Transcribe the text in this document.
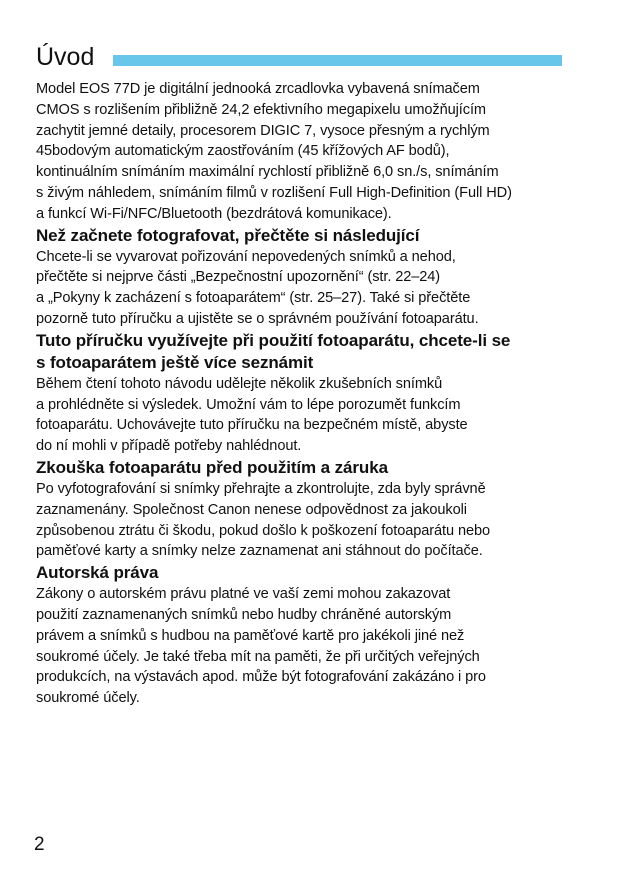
Úvod

Model EOS 77D je digitální jednooká zrcadlovka vybavená snímačem
CMOS s rozlišením přibližně 24,2 efektivního megapixelu umožňujícím
zachytit jemné detaily, procesorem DIGIC 7, vysoce přesným a rychlým
45bodovým automatickým zaostřováním (45 křížových AF bodů),
kontinuálním snímáním maximální rychlostí přibližně 6,0 sn./s, snímáním
s živým náhledem, snímáním filmů v rozlišení Full High-Definition (Full HD)
a funkcí Wi-Fi/NFC/Bluetooth (bezdrátová komunikace).

Než začnete fotografovat, přečtěte si následující

Chcete-li se vyvarovat pořizování nepovedených snímků a nehod,
přečtěte si nejprve části „Bezpečnostní upozornění“ (str. 22–24)
a „Pokyny k zacházení s fotoaparátem“ (str. 25–27). Také si přečtěte
pozorně tuto příručku a ujistěte se o správném používání fotoaparátu.

Tuto příručku využívejte při použití fotoaparátu, chcete-li se
s fotoaparátem ještě více seznámit

Během čtení tohoto návodu udělejte několik zkušebních snímků
a prohlédněte si výsledek. Umožní vám to lépe porozumět funkcím
fotoaparátu. Uchovávejte tuto příručku na bezpečném místě, abyste
do ní mohli v případě potřeby nahlédnout.

Zkouška fotoaparátu před použitím a záruka

Po vyfotografování si snímky přehrajte a zkontrolujte, zda byly správně
zaznamenány. Společnost Canon nenese odpovědnost za jakoukoli
způsobenou ztrátu či škodu, pokud došlo k poškození fotoaparátu nebo
paměťové karty a snímky nelze zaznamenat ani stáhnout do počítače.

Autorská práva

Zákony o autorském právu platné ve vaší zemi mohou zakazovat
použití zaznamenaných snímků nebo hudby chráněné autorským
právem a snímků s hudbou na paměťové kartě pro jakékoli jiné než
soukromé účely. Je také třeba mít na paměti, že při určitých veřejných
produkcích, na výstavách apod. může být fotografování zakázáno i pro
soukromé účely.

2
